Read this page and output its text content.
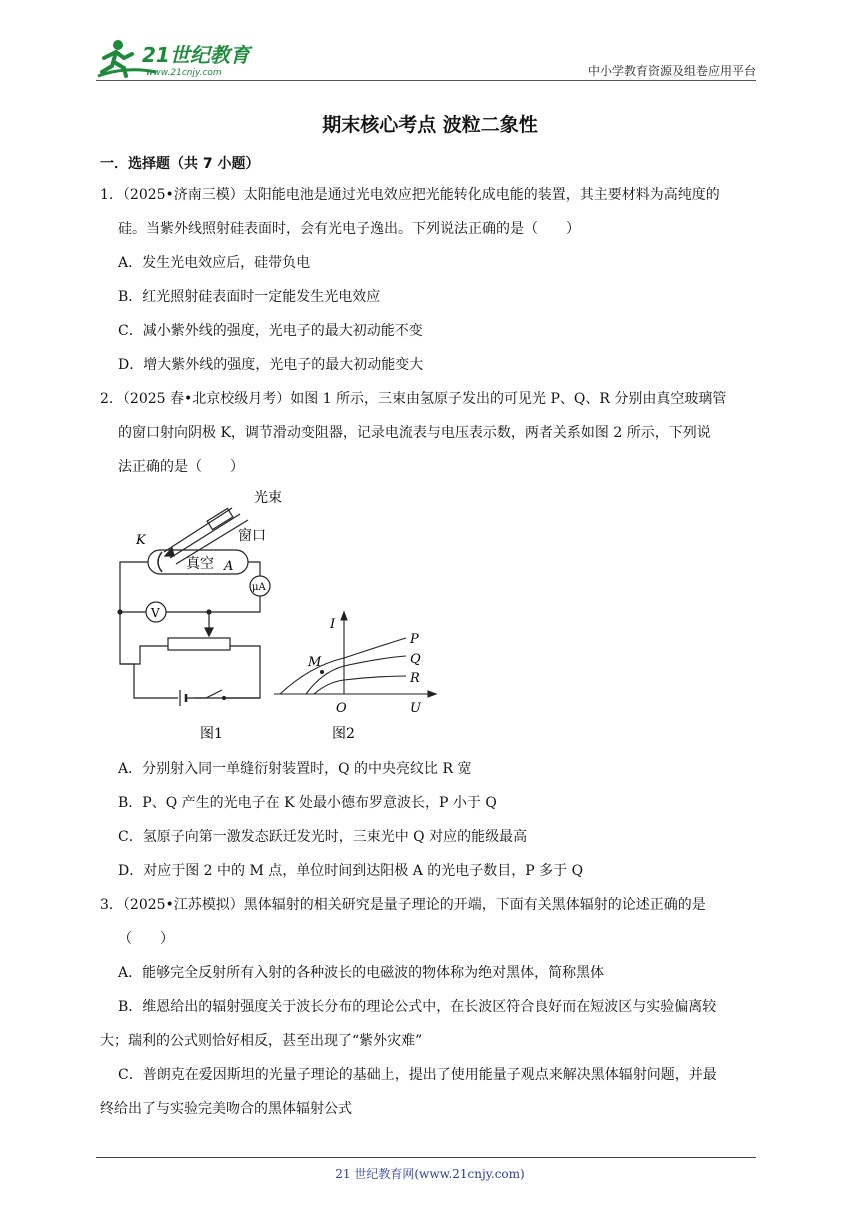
21世纪教育
www.21cnjy.com	中小学教育资源及组卷应用平台
期末核心考点 波粒二象性
一．选择题（共 7 小题）
1．（2025•济南三模）太阳能电池是通过光电效应把光能转化成电能的装置，其主要材料为高纯度的
硅。当紫外线照射硅表面时，会有光电子逸出。下列说法正确的是（　　）
A．发生光电效应后，硅带负电
B．红光照射硅表面时一定能发生光电效应
C．减小紫外线的强度，光电子的最大初动能不变
D．增大紫外线的强度，光电子的最大初动能变大
2．（2025 春•北京校级月考）如图 1 所示，三束由氢原子发出的可见光 P、Q、R 分别由真空玻璃管
的窗口射向阴极 K，调节滑动变阻器，记录电流表与电压表示数，两者关系如图 2 所示，下列说
法正确的是（　　）
光束
窗口
K
真空 A
μA
V
图1
I
U
O
M
P
Q
R
图2
A．分别射入同一单缝衍射装置时，Q 的中央亮纹比 R 宽
B．P、Q 产生的光电子在 K 处最小德布罗意波长，P 小于 Q
C．氢原子向第一激发态跃迁发光时，三束光中 Q 对应的能级最高
D．对应于图 2 中的 M 点，单位时间到达阳极 A 的光电子数目，P 多于 Q
3．（2025•江苏模拟）黑体辐射的相关研究是量子理论的开端，下面有关黑体辐射的论述正确的是
（　　）
A．能够完全反射所有入射的各种波长的电磁波的物体称为绝对黑体，简称黑体
B．维恩给出的辐射强度关于波长分布的理论公式中，在长波区符合良好而在短波区与实验偏离较
大；瑞利的公式则恰好相反，甚至出现了“紫外灾难”
C．普朗克在爱因斯坦的光量子理论的基础上，提出了使用能量子观点来解决黑体辐射问题，并最
终给出了与实验完美吻合的黑体辐射公式
21 世纪教育网(www.21cnjy.com)
